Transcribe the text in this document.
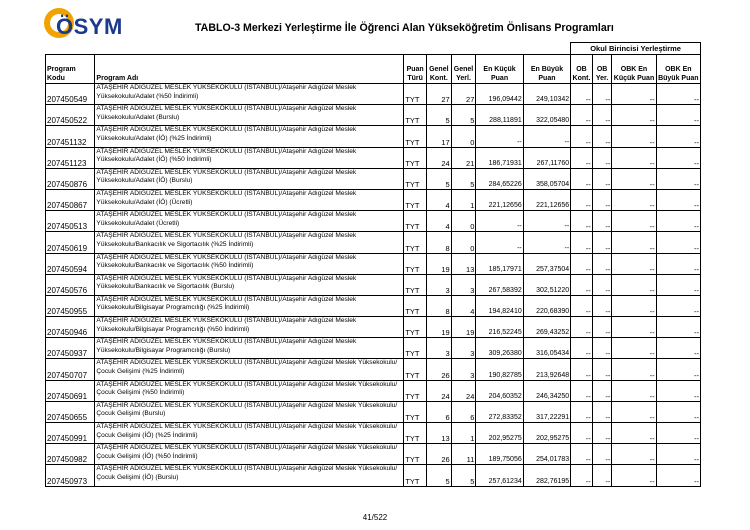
ÖSYM	TABLO-3 Merkezi Yerleştirme İle Öğrenci Alan Yükseköğretim Önlisans Programları
							Okul Birincisi Yerleştirme			
Program Kodu	Program Adı	Puan Türü	Genel Kont.	Genel Yerl.	En Küçük Puan	En Büyük Puan	OB Kont.	OB Yer.	OBK En Küçük Puan	OBK En Büyük Puan
207450549	ATAŞEHİR ADIGÜZEL MESLEK YÜKSEKOKULU (İSTANBUL)/Ataşehir Adıgüzel Meslek Yüksekokulu/Adalet (%50 İndirimli)	TYT	27	27	196,09442	249,10342	--	--	--	--
207450522	ATAŞEHİR ADIGÜZEL MESLEK YÜKSEKOKULU (İSTANBUL)/Ataşehir Adıgüzel Meslek Yüksekokulu/Adalet (Burslu)	TYT	5	5	288,11891	322,05480	--	--	--	--
207451132	ATAŞEHİR ADIGÜZEL MESLEK YÜKSEKOKULU (İSTANBUL)/Ataşehir Adıgüzel Meslek Yüksekokulu/Adalet (İÖ) (%25 İndirimli)	TYT	17	0	--	--	--	--	--	--
207451123	ATAŞEHİR ADIGÜZEL MESLEK YÜKSEKOKULU (İSTANBUL)/Ataşehir Adıgüzel Meslek Yüksekokulu/Adalet (İÖ) (%50 İndirimli)	TYT	24	21	186,71931	267,11760	--	--	--	--
207450876	ATAŞEHİR ADIGÜZEL MESLEK YÜKSEKOKULU (İSTANBUL)/Ataşehir Adıgüzel Meslek Yüksekokulu/Adalet (İÖ) (Burslu)	TYT	5	5	284,65226	358,05704	--	--	--	--
207450867	ATAŞEHİR ADIGÜZEL MESLEK YÜKSEKOKULU (İSTANBUL)/Ataşehir Adıgüzel Meslek Yüksekokulu/Adalet (İÖ) (Ücretli)	TYT	4	1	221,12656	221,12656	--	--	--	--
207450513	ATAŞEHİR ADIGÜZEL MESLEK YÜKSEKOKULU (İSTANBUL)/Ataşehir Adıgüzel Meslek Yüksekokulu/Adalet (Ücretli)	TYT	4	0	--	--	--	--	--	--
207450619	ATAŞEHİR ADIGÜZEL MESLEK YÜKSEKOKULU (İSTANBUL)/Ataşehir Adıgüzel Meslek Yüksekokulu/Bankacılık ve Sigortacılık (%25 İndirimli)	TYT	8	0	--	--	--	--	--	--
207450594	ATAŞEHİR ADIGÜZEL MESLEK YÜKSEKOKULU (İSTANBUL)/Ataşehir Adıgüzel Meslek Yüksekokulu/Bankacılık ve Sigortacılık (%50 İndirimli)	TYT	19	13	185,17971	257,37504	--	--	--	--
207450576	ATAŞEHİR ADIGÜZEL MESLEK YÜKSEKOKULU (İSTANBUL)/Ataşehir Adıgüzel Meslek Yüksekokulu/Bankacılık ve Sigortacılık (Burslu)	TYT	3	3	267,58392	302,51220	--	--	--	--
207450955	ATAŞEHİR ADIGÜZEL MESLEK YÜKSEKOKULU (İSTANBUL)/Ataşehir Adıgüzel Meslek Yüksekokulu/Bilgisayar Programcılığı (%25 İndirimli)	TYT	8	4	194,82410	220,68390	--	--	--	--
207450946	ATAŞEHİR ADIGÜZEL MESLEK YÜKSEKOKULU (İSTANBUL)/Ataşehir Adıgüzel Meslek Yüksekokulu/Bilgisayar Programcılığı (%50 İndirimli)	TYT	19	19	216,52245	269,43252	--	--	--	--
207450937	ATAŞEHİR ADIGÜZEL MESLEK YÜKSEKOKULU (İSTANBUL)/Ataşehir Adıgüzel Meslek Yüksekokulu/Bilgisayar Programcılığı (Burslu)	TYT	3	3	309,26380	316,05434	--	--	--	--
207450707	ATAŞEHİR ADIGÜZEL MESLEK YÜKSEKOKULU (İSTANBUL)/Ataşehir Adıgüzel Meslek Yüksekokulu/Çocuk Gelişimi (%25 İndirimli)	TYT	26	3	190,82785	213,92648	--	--	--	--
207450691	ATAŞEHİR ADIGÜZEL MESLEK YÜKSEKOKULU (İSTANBUL)/Ataşehir Adıgüzel Meslek Yüksekokulu/Çocuk Gelişimi (%50 İndirimli)	TYT	24	24	204,60352	246,34250	--	--	--	--
207450655	ATAŞEHİR ADIGÜZEL MESLEK YÜKSEKOKULU (İSTANBUL)/Ataşehir Adıgüzel Meslek Yüksekokulu/Çocuk Gelişimi (Burslu)	TYT	6	6	272,83352	317,22291	--	--	--	--
207450991	ATAŞEHİR ADIGÜZEL MESLEK YÜKSEKOKULU (İSTANBUL)/Ataşehir Adıgüzel Meslek Yüksekokulu/Çocuk Gelişimi (İÖ) (%25 İndirimli)	TYT	13	1	202,95275	202,95275	--	--	--	--
207450982	ATAŞEHİR ADIGÜZEL MESLEK YÜKSEKOKULU (İSTANBUL)/Ataşehir Adıgüzel Meslek Yüksekokulu/Çocuk Gelişimi (İÖ) (%50 İndirimli)	TYT	26	11	189,75056	254,01783	--	--	--	--
207450973	ATAŞEHİR ADIGÜZEL MESLEK YÜKSEKOKULU (İSTANBUL)/Ataşehir Adıgüzel Meslek Yüksekokulu/Çocuk Gelişimi (İÖ) (Burslu)	TYT	5	5	257,61234	282,76195	--	--	--	--
41/522
